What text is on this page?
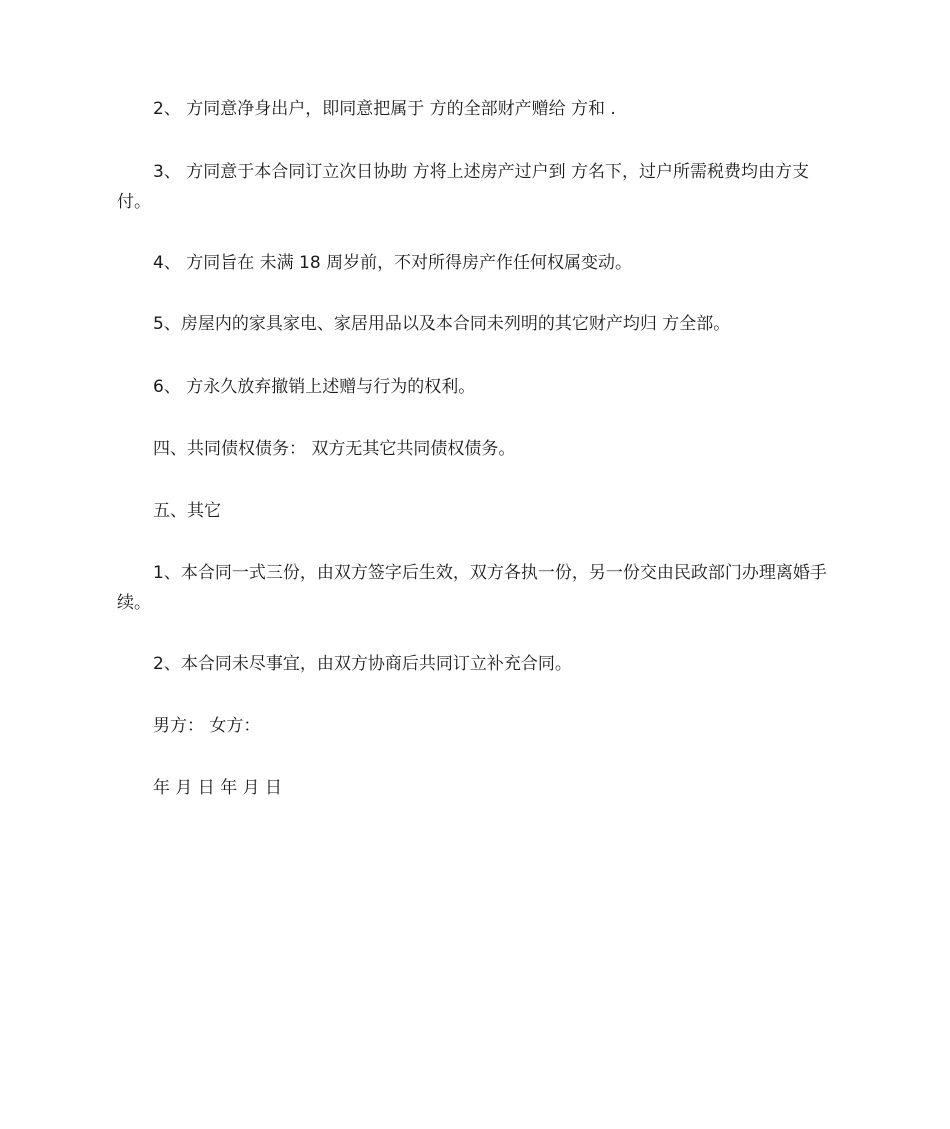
2、 方同意净身出户，即同意把属于 方的全部财产赠给 方和 .

3、 方同意于本合同订立次日协助 方将上述房产过户到 方名下，过户所需税费均由方支付。

4、 方同旨在 未满 18 周岁前，不对所得房产作任何权属变动。

5、房屋内的家具家电、家居用品以及本合同未列明的其它财产均归 方全部。

6、 方永久放弃撤销上述赠与行为的权利。

四、共同债权债务： 双方无其它共同债权债务。

五、其它

1、本合同一式三份，由双方签字后生效，双方各执一份，另一份交由民政部门办理离婚手续。

2、本合同未尽事宜，由双方协商后共同订立补充合同。

男方： 女方：

年 月 日 年 月 日
